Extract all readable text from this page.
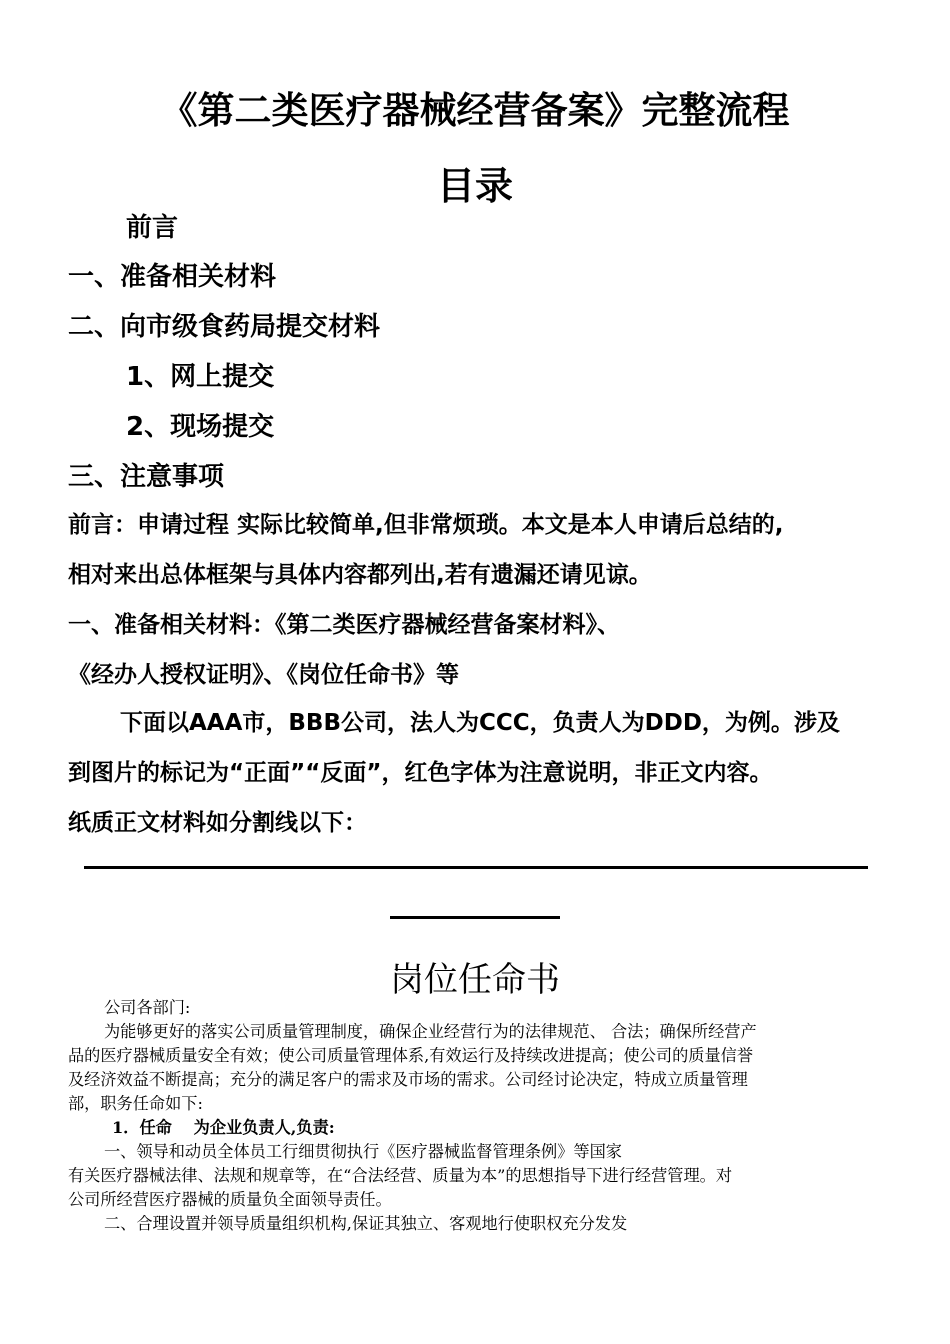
《第二类医疗器械经营备案》完整流程
目录
前言
一、准备相关材料
二、向市级食药局提交材料
1、网上提交
2、现场提交
三、注意事项
前言：申请过程 实际比较简单,但非常烦琐。本文是本人申请后总结的,
相对来出总体框架与具体内容都列出,若有遗漏还请见谅。
一、准备相关材料：《第二类医疗器械经营备案材料》、
《经办人授权证明》、《岗位任命书》等
下面以AAA市，BBB公司，法人为CCC，负责人为DDD，为例。涉及
到图片的标记为“正面”“反面”，红色字体为注意说明，非正文内容。
纸质正文材料如分割线以下：
岗位任命书

公司各部门:

为能够更好的落实公司质量管理制度，确保企业经营行为的法律规范、 合法；确保所经营产

品的医疗器械质量安全有效；使公司质量管理体系,有效运行及持续改进提高；使公司的质量信誉

及经济效益不断提高；充分的满足客户的需求及市场的需求。公司经讨论决定，特成立质量管理

部，职务任命如下:

1．任命　 为企业负责人,负责:

一、领导和动员全体员工行细贯彻执行《医疗器械监督管理条例》等国家

有关医疗器械法律、法规和规章等，在“合法经营、质量为本”的思想指导下进行经营管理。对

公司所经营医疗器械的质量负全面领导责任。

二、合理设置并领导质量组织机构,保证其独立、客观地行使职权充分发发
